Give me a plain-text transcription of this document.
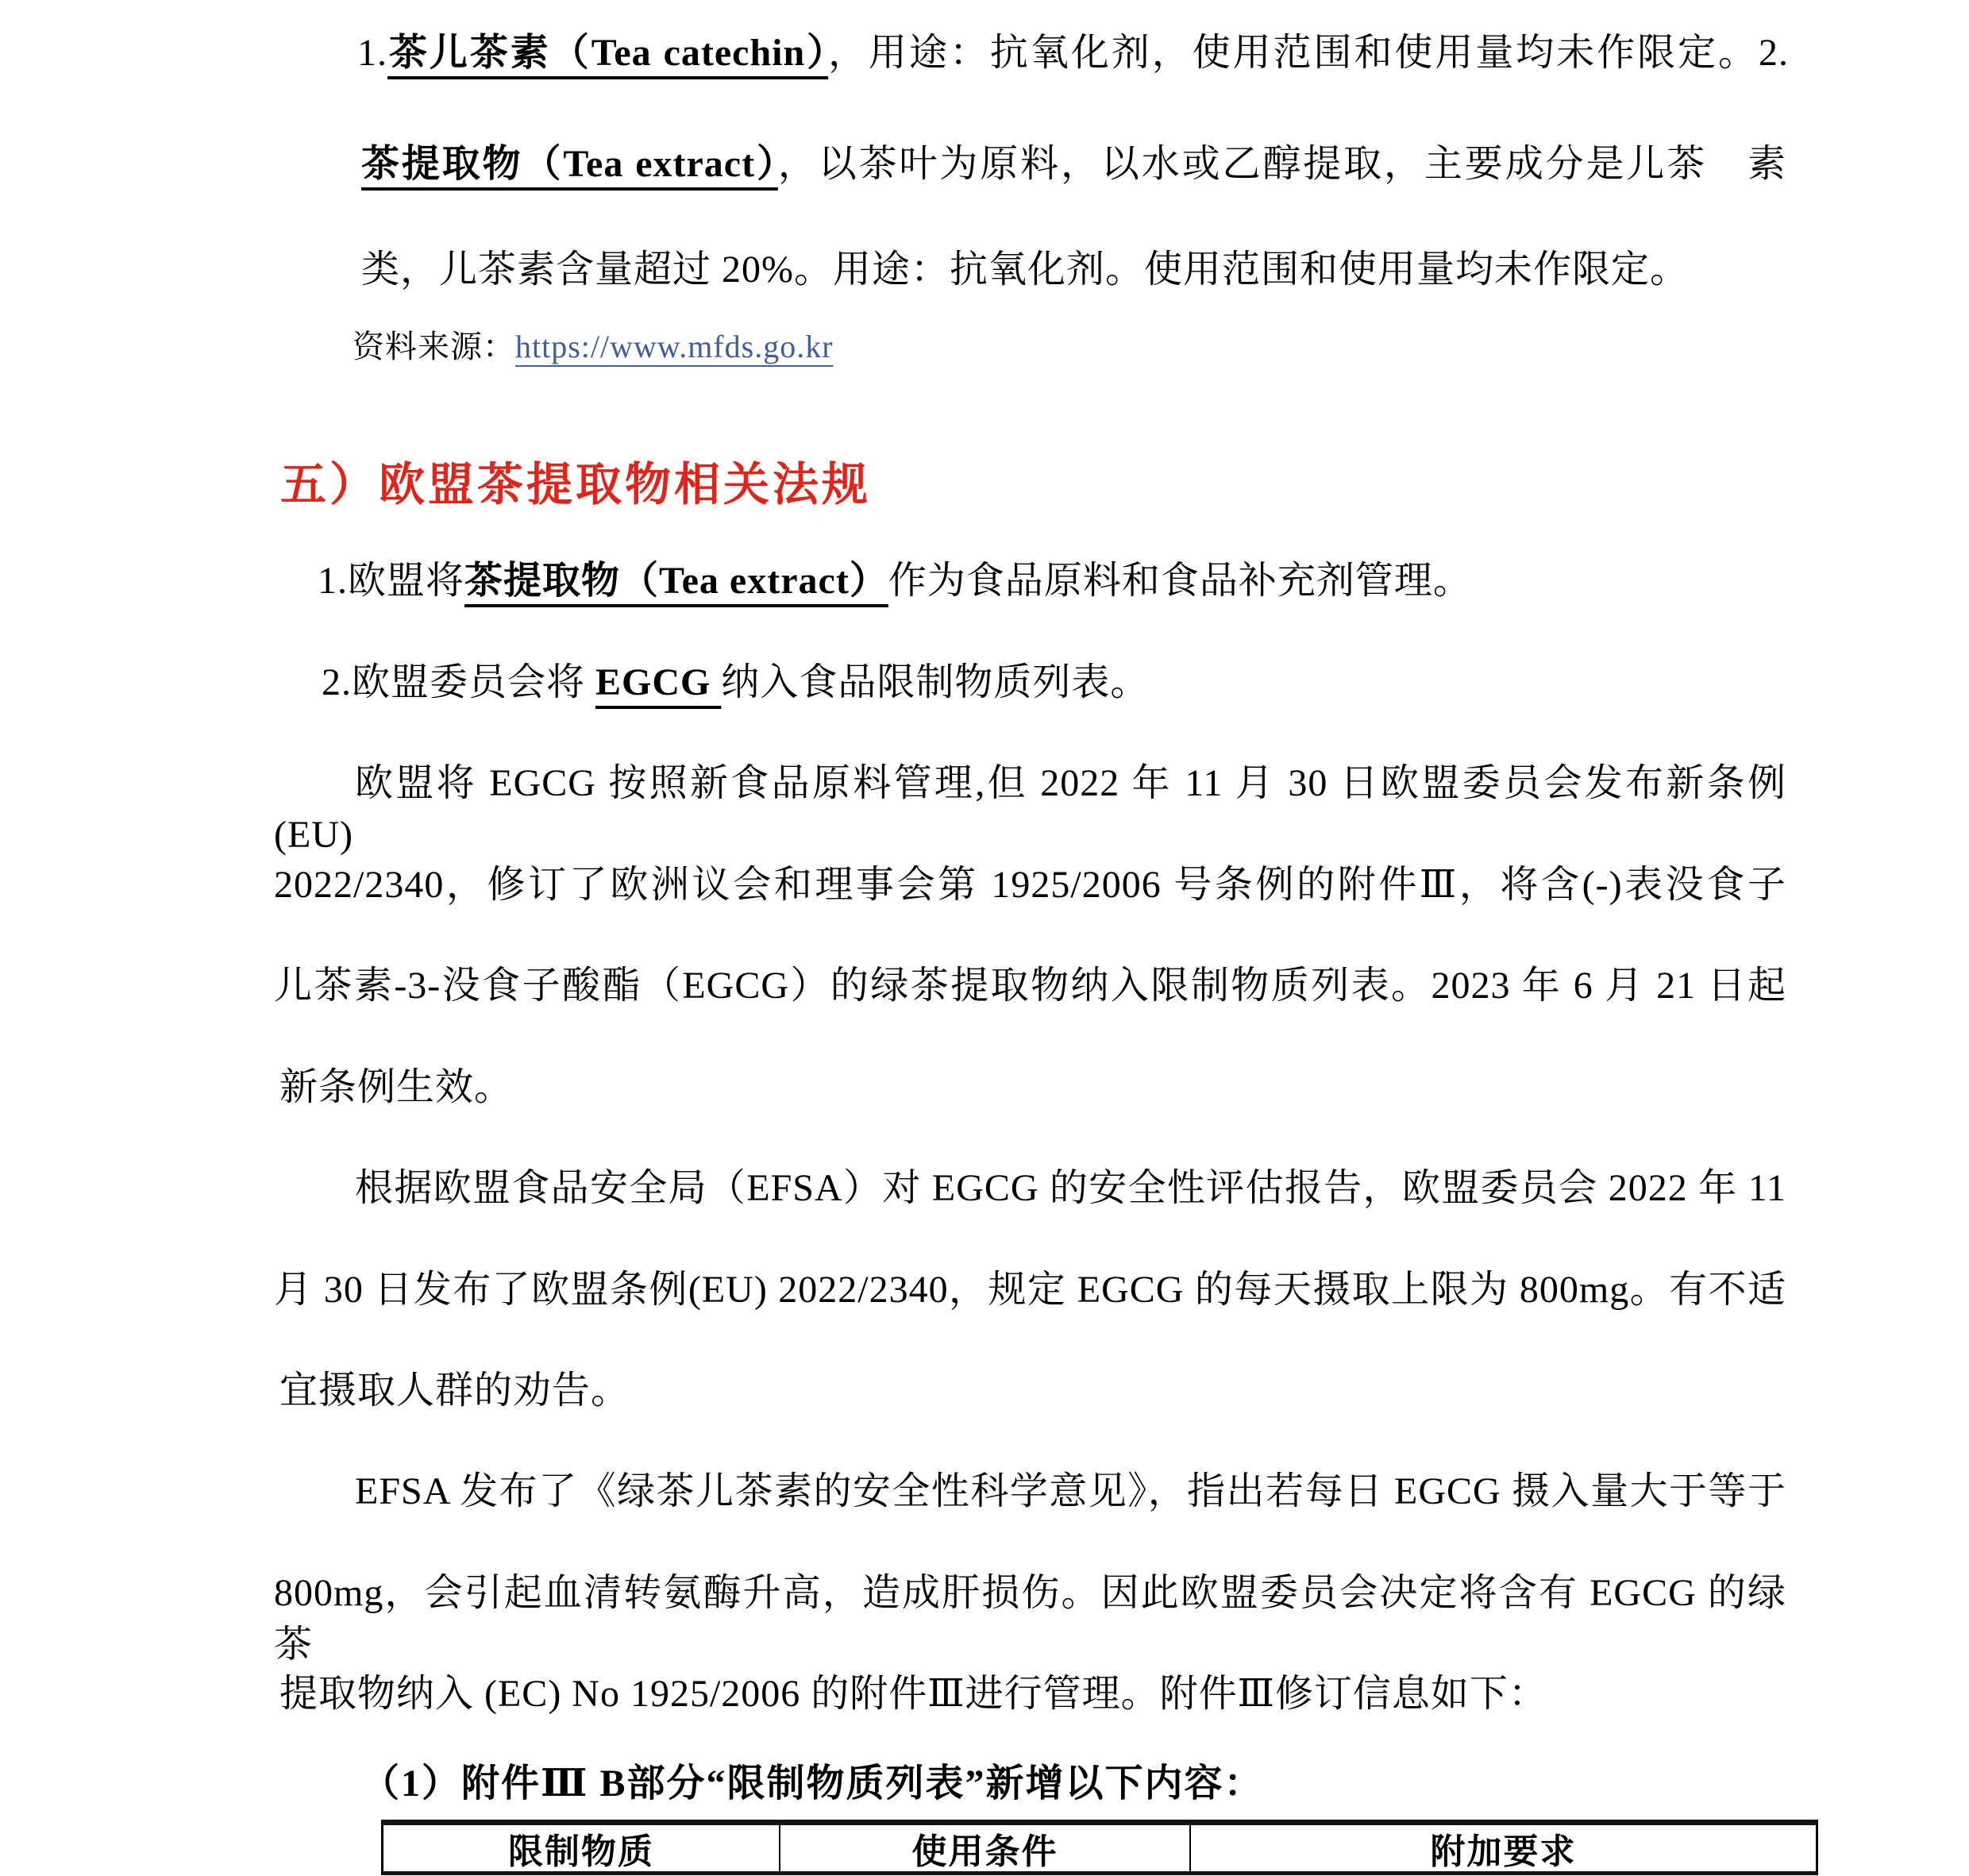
1.茶儿茶素（Tea catechin），用途：抗氧化剂，使用范围和使用量均未作限定。2.
茶提取物（Tea extract），以茶叶为原料，以水或乙醇提取，主要成分是儿茶　素
类，儿茶素含量超过 20%。用途：抗氧化剂。使用范围和使用量均未作限定。
资料来源：https://www.mfds.go.kr
五）欧盟茶提取物相关法规
1.欧盟将茶提取物（Tea extract）作为食品原料和食品补充剂管理。
2.欧盟委员会将 EGCG 纳入食品限制物质列表。
欧盟将 EGCG 按照新食品原料管理,但 2022 年 11 月 30 日欧盟委员会发布新条例 (EU)
2022/2340，修订了欧洲议会和理事会第 1925/2006 号条例的附件Ⅲ，将含(-)表没食子
儿茶素-3-没食子酸酯（EGCG）的绿茶提取物纳入限制物质列表。2023 年 6 月 21 日起
新条例生效。
根据欧盟食品安全局（EFSA）对 EGCG 的安全性评估报告，欧盟委员会 2022 年 11
月 30 日发布了欧盟条例(EU) 2022/2340，规定 EGCG 的每天摄取上限为 800mg。有不适
宜摄取人群的劝告。
EFSA 发布了《绿茶儿茶素的安全性科学意见》，指出若每日 EGCG 摄入量大于等于
800mg，会引起血清转氨酶升高，造成肝损伤。因此欧盟委员会决定将含有 EGCG 的绿茶
提取物纳入 (EC) No 1925/2006 的附件Ⅲ进行管理。附件Ⅲ修订信息如下：
（1）附件Ⅲ B部分“限制物质列表”新增以下内容：
限制物质	使用条件	附加要求
